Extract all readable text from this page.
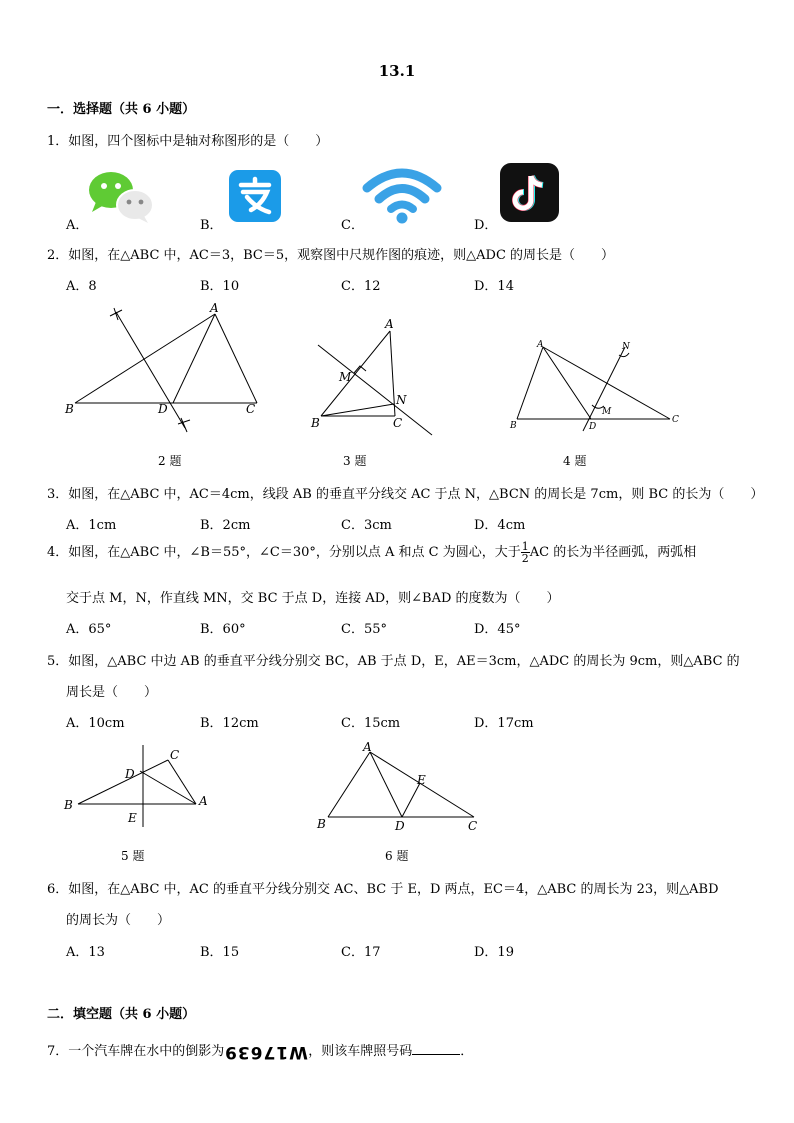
13.1
一．选择题（共 6 小题）
1．如图，四个图标中是轴对称图形的是（　　）
A．	B．	C．	D．
2．如图，在△ABC 中，AC＝3，BC＝5，观察图中尺规作图的痕迹，则△ADC 的周长是（　　）
A．8	B．10	C．12	D．14
B	D	C
A
B	C
A
M
N
B	D
C
A	N
M
2 题	3 题	4 题
3．如图，在△ABC 中，AC＝4cm，线段 AB 的垂直平分线交 AC 于点 N，△BCN 的周长是 7cm，则 BC 的长为（　　）
A．1cm	B．2cm	C．3cm	D．4cm
4．如图，在△ABC 中，∠B＝55°，∠C＝30°，分别以点 A 和点 C 为圆心，大于 $\frac{1}{2}$ AC 的长为半径画弧，两弧相
交于点 M，N，作直线 MN，交 BC 于点 D，连接 AD，则∠BAD 的度数为（　　）
A．65°	B．60°	C．55°	D．45°
5．如图，△ABC 中边 AB 的垂直平分线分别交 BC，AB 于点 D，E，AE＝3cm，△ADC 的周长为 9cm，则△ABC 的
周长是（　　）
A．10cm	B．12cm	C．15cm	D．17cm
B	A
C
D
E	B	D	C
A
E
5 题	6 题
6．如图，在△ABC 中，AC 的垂直平分线分别交 AC、BC 于 E，D 两点，EC＝4，△ABC 的周长为 23，则△ABD
的周长为（　　）
A．13	B．15	C．17	D．19
二．填空题（共 6 小题）
7．一个汽车牌在水中的倒影为W17639，则该车牌照号码	．
